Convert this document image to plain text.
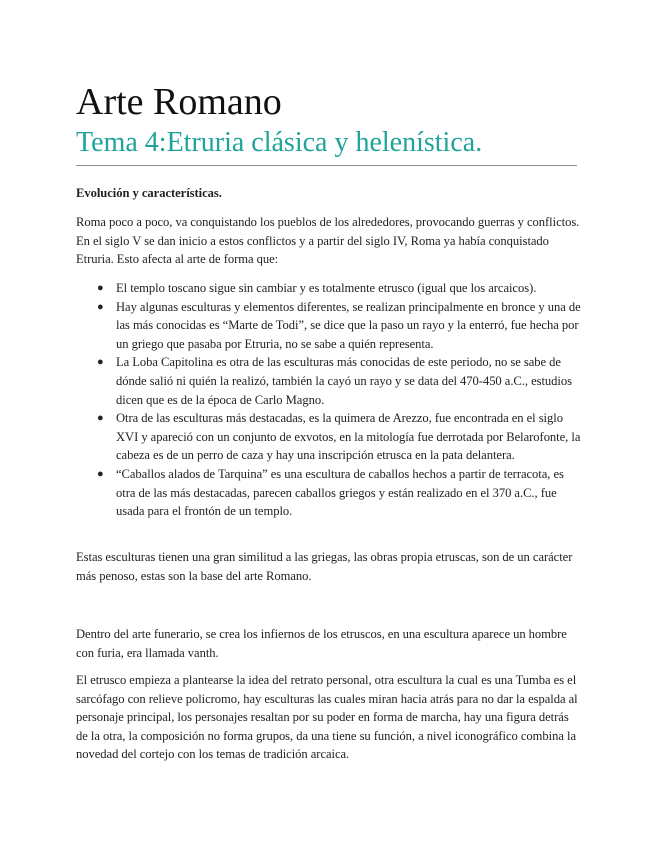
Arte Romano
Tema 4:Etruria clásica y helenística.
Evolución y características.

Roma poco a poco, va conquistando los pueblos de los alrededores, provocando guerras y conflictos. En el siglo V se dan inicio a estos conflictos y a partir del siglo IV, Roma ya había conquistado Etruria. Esto afecta al arte de forma que:

● El templo toscano sigue sin cambiar y es totalmente etrusco (igual que los arcaicos).
● Hay algunas esculturas y elementos diferentes, se realizan principalmente en bronce y una de las más conocidas es “Marte de Todi”, se dice que la paso un rayo y la enterró, fue hecha por un griego que pasaba por Etruria, no se sabe a quién representa.
● La Loba Capitolina es otra de las esculturas más conocidas de este periodo, no se sabe de dónde salió ni quién la realizó, también la cayó un rayo y se data del 470-450 a.C., estudios dicen que es de la época de Carlo Magno.
● Otra de las esculturas más destacadas, es la quimera de Arezzo, fue encontrada en el siglo XVI y apareció con un conjunto de exvotos, en la mitología fue derrotada por Belarofonte, la cabeza es de un perro de caza y hay una inscripción etrusca en la pata delantera.
● “Caballos alados de Tarquina” es una escultura de caballos hechos a partir de terracota, es otra de las más destacadas, parecen caballos griegos y están realizado en el 370 a.C., fue usada para el frontón de un templo.

Estas esculturas tienen una gran similitud a las griegas, las obras propia etruscas, son de un carácter más penoso, estas son la base del arte Romano.

Dentro del arte funerario, se crea los infiernos de los etruscos, en una escultura aparece un hombre con furia, era llamada vanth.

El etrusco empieza a plantearse la idea del retrato personal, otra escultura la cual es una Tumba es el sarcófago con relieve policromo, hay esculturas las cuales miran hacia atrás para no dar la espalda al personaje principal, los personajes resaltan por su poder en forma de marcha, hay una figura detrás de la otra, la composición no forma grupos, da una tiene su función, a nivel iconográfico combina la novedad del cortejo con los temas de tradición arcaica.
